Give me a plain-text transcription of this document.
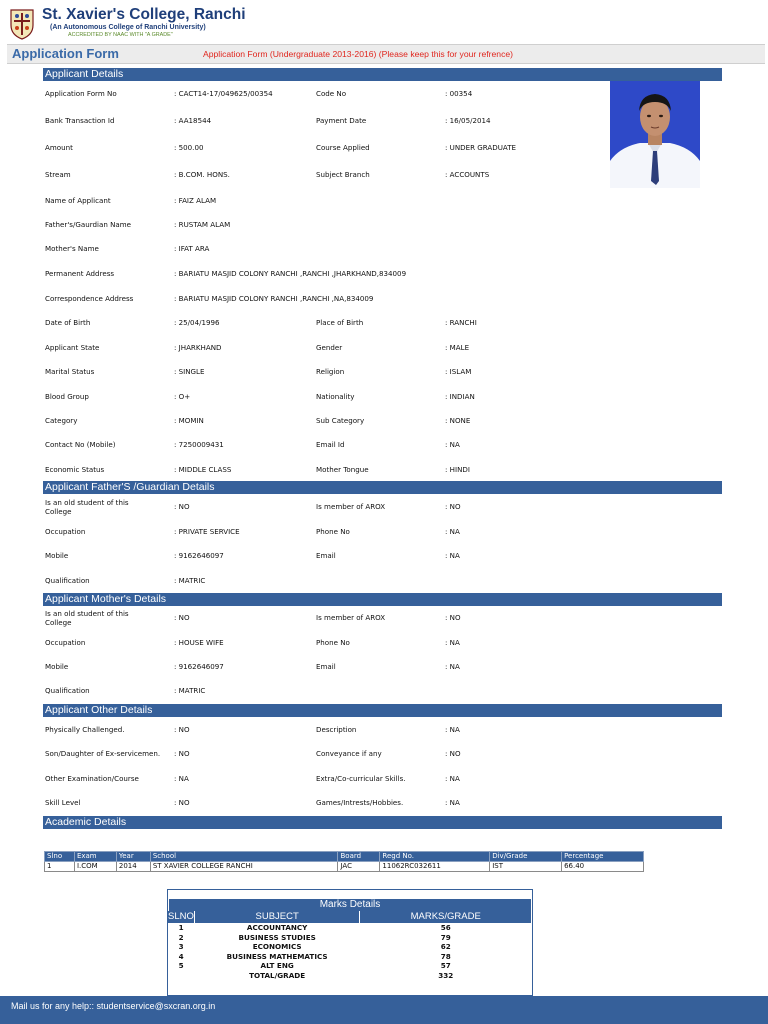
St. Xavier's College, Ranchi
(An Autonomous College of Ranchi University)
ACCREDITED BY NAAC WITH "A GRADE"
Application Form	Application Form (Undergraduate 2013-2016) (Please keep this for your refrence)
Applicant Details
Application Form No	: CACT14-17/049625/00354	Code No	: 00354
Bank Transaction Id	: AA18544	Payment Date	: 16/05/2014
Amount	: 500.00	Course Applied	: UNDER GRADUATE
Stream	: B.COM. HONS.	Subject Branch	: ACCOUNTS
Name of Applicant	: FAIZ ALAM
Father's/Gaurdian Name	: RUSTAM ALAM
Mother's Name	: IFAT ARA
Permanent Address	: BARIATU MASJID COLONY RANCHI ,RANCHI ,JHARKHAND,834009
Correspondence Address	: BARIATU MASJID COLONY RANCHI ,RANCHI ,NA,834009
Date of Birth	: 25/04/1996	Place of Birth	: RANCHI
Applicant State	: JHARKHAND	Gender	: MALE
Marital Status	: SINGLE	Religion	: ISLAM
Blood Group	: O+	Nationality	: INDIAN
Category	: MOMIN	Sub Category	: NONE
Contact No (Mobile)	: 7250009431	Email Id	: NA
Economic Status	: MIDDLE CLASS	Mother Tongue	: HINDI
Applicant Father'S /Guardian Details
Is an old student of this College
: NO	Is member of AROX	: NO
Occupation	: PRIVATE SERVICE	Phone No	: NA
Mobile	: 9162646097	Email	: NA
Qualification	: MATRIC
Applicant Mother's Details
Is an old student of this College
: NO	Is member of AROX	: NO
Occupation	: HOUSE WIFE	Phone No	: NA
Mobile	: 9162646097	Email	: NA
Qualification	: MATRIC
Applicant Other Details
Physically Challenged.	: NO	Description	: NA
Son/Daughter of Ex-servicemen. : NO	Conveyance if any	: NO
Other Examination/Course	: NA	Extra/Co-curricular Skills.	: NA
Skill Level	: NO	Games/Intrests/Hobbies.	: NA
Academic Details
Slno	Exam	Year	School	Board	Regd No.	Div/Grade	Percentage
1	I.COM	2014	ST XAVIER COLLEGE RANCHI	JAC	11062RC032611	IST	66.40
Marks Details
SLNO	SUBJECT	MARKS/GRADE
1	ACCOUNTANCY	56
2	BUSINESS STUDIES	79
3	ECONOMICS	62
4	BUSINESS MATHEMATICS	78
5	ALT ENG	57
	TOTAL/GRADE	332
Mail us for any help:: studentservice@sxcran.org.in
